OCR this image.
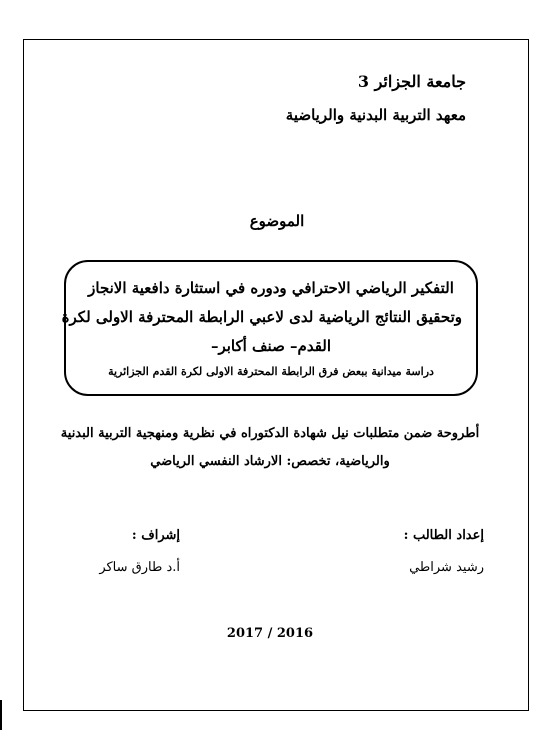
جامعة الجزائر 3
معهد التربية البدنية والرياضية
الموضوع
التفكير الرياضي الاحترافي ودوره في استثارة دافعية الانجاز
وتحقيق النتائج الرياضية لدى لاعبي الرابطة المحترفة الاولى لكرة
القدم– صنف أكابر–
دراسة ميدانية ببعض فرق الرابطة المحترفة الاولى لكرة القدم الجزائرية
أطروحة ضمن متطلبات نيل شهادة الدكتوراه في نظرية ومنهجية التربية البدنية
والرياضية، تخصص: الارشاد النفسي الرياضي
إعداد الطالب :
رشيد شراطي
إشراف :
أ.د طارق ساكر
2017 / 2016
